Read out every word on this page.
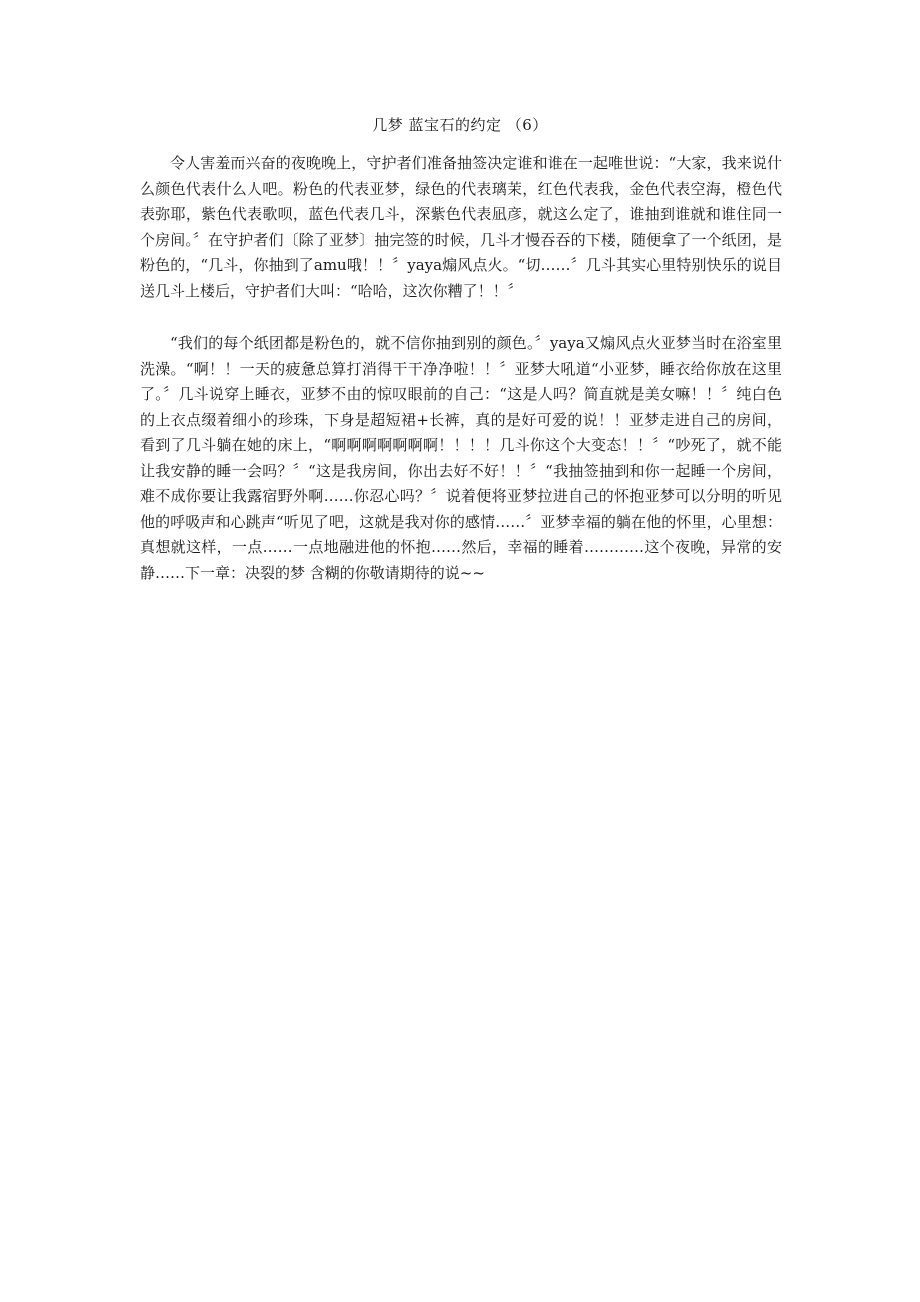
几梦 蓝宝石的约定 （6）

令人害羞而兴奋的夜晚晚上，守护者们准备抽签决定谁和谁在一起唯世说：“大家，我来说什么颜色代表什么人吧。粉色的代表亚梦，绿色的代表璃茉，红色代表我，金色代表空海，橙色代表弥耶，紫色代表歌呗，蓝色代表几斗，深紫色代表凪彦，就这么定了，谁抽到谁就和谁住同一个房间。〞在守护者们〔除了亚梦〕抽完签的时候，几斗才慢吞吞的下楼，随便拿了一个纸团，是粉色的，“几斗，你抽到了amu哦！！〞yaya煽风点火。“切……〞几斗其实心里特别快乐的说目送几斗上楼后，守护者们大叫：“哈哈，这次你糟了！！〞

“我们的每个纸团都是粉色的，就不信你抽到别的颜色。〞yaya又煽风点火亚梦当时在浴室里洗澡。“啊！！一天的疲惫总算打消得干干净净啦！！〞亚梦大吼道“小亚梦，睡衣给你放在这里了。〞几斗说穿上睡衣，亚梦不由的惊叹眼前的自己：“这是人吗？简直就是美女嘛！！〞纯白色的上衣点缀着细小的珍珠，下身是超短裙+长裤，真的是好可爱的说！！亚梦走进自己的房间，看到了几斗躺在她的床上，“啊啊啊啊啊啊啊！！！！几斗你这个大变态！！〞“吵死了，就不能让我安静的睡一会吗？〞“这是我房间，你出去好不好！！〞“我抽签抽到和你一起睡一个房间，难不成你要让我露宿野外啊……你忍心吗？〞说着便将亚梦拉进自己的怀抱亚梦可以分明的听见他的呼吸声和心跳声“听见了吧，这就是我对你的感情……〞亚梦幸福的躺在他的怀里，心里想：真想就这样，一点……一点地融进他的怀抱……然后，幸福的睡着…………这个夜晚，异常的安静……下一章：决裂的梦 含糊的你敬请期待的说~~
